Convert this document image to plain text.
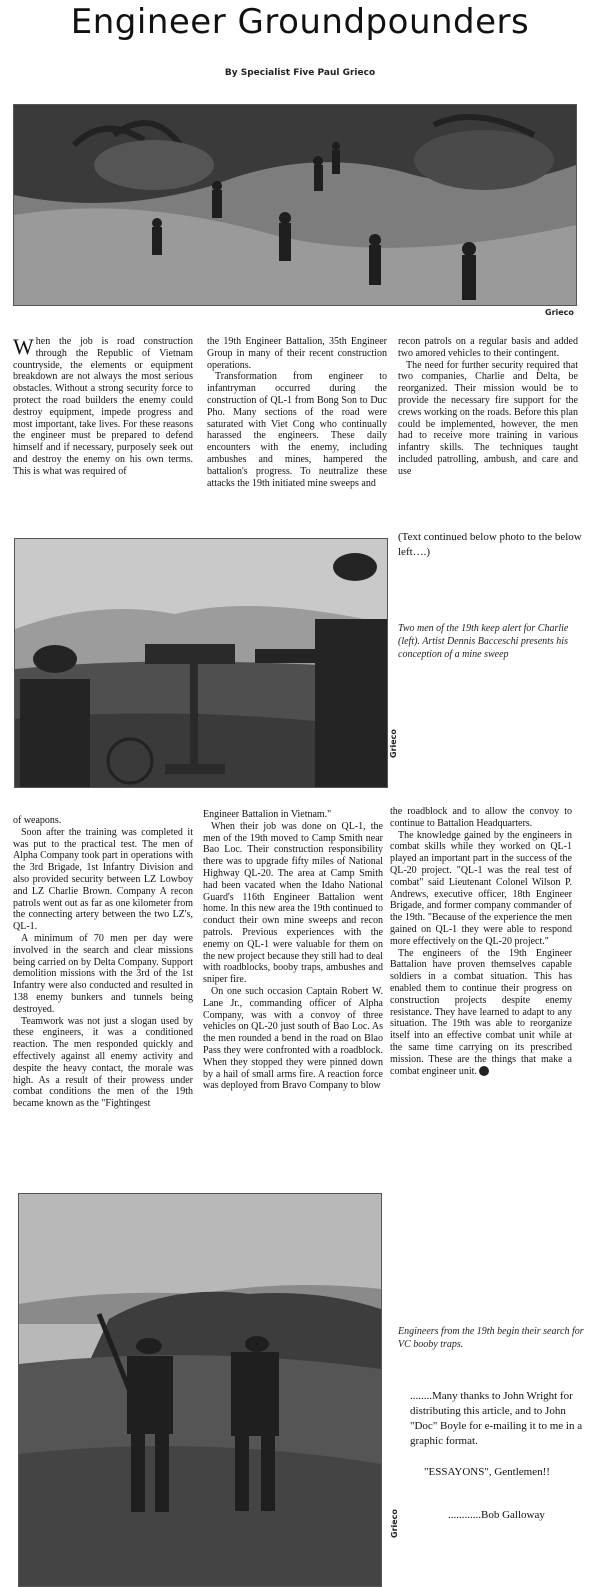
Engineer Groundpounders
By Specialist Five Paul Grieco
Grieco

When the job is road construction through the Republic of Vietnam countryside, the elements or equipment breakdown are not always the most serious obstacles. Without a strong security force to protect the road builders the enemy could destroy equipment, impede progress and most important, take lives. For these reasons the engineer must be prepared to defend himself and if necessary, purposely seek out and destroy the enemy on his own terms. This is what was required of

the 19th Engineer Battalion, 35th Engineer Group in many of their recent construction operations.

Transformation from engineer to infantryman occurred during the construction of QL-1 from Bong Son to Duc Pho. Many sections of the road were saturated with Viet Cong who continually harassed the engineers. These daily encounters with the enemy, including ambushes and mines, hampered the battalion's progress. To neutralize these attacks the 19th initiated mine sweeps and

recon patrols on a regular basis and added two amored vehicles to their contingent.

The need for further security required that two companies, Charlie and Delta, be reorganized. Their mission would be to provide the necessary fire support for the crews working on the roads. Before this plan could be implemented, however, the men had to receive more training in various infantry skills. The techniques taught included patrolling, ambush, and care and use

Grieco
(Text continued below photo to the below left….)
Two men of the 19th keep alert for Charlie (left). Artist Dennis Bacceschi presents his conception of a mine sweep

of weapons.

Soon after the training was completed it was put to the practical test. The men of Alpha Company took part in operations with the 3rd Brigade, 1st Infantry Division and also provided security between LZ Lowboy and LZ Charlie Brown. Company A recon patrols went out as far as one kilometer from the connecting artery between the two LZ's, QL-1.

A minimum of 70 men per day were involved in the search and clear missions being carried on by Delta Company. Support demolition missions with the 3rd of the 1st Infantry were also conducted and resulted in 138 enemy bunkers and tunnels being destroyed.

Teamwork was not just a slogan used by these engineers, it was a conditioned reaction. The men responded quickly and effectively against all enemy activity and despite the heavy contact, the morale was high. As a result of their prowess under combat conditions the men of the 19th became known as the "Fightingest

Engineer Battalion in Vietnam."

When their job was done on QL-1, the men of the 19th moved to Camp Smith near Bao Loc. Their construction responsibility there was to upgrade fifty miles of National Highway QL-20. The area at Camp Smith had been vacated when the Idaho National Guard's 116th Engineer Battalion went home. In this new area the 19th continued to conduct their own mine sweeps and recon patrols. Previous experiences with the enemy on QL-1 were valuable for them on the new project because they still had to deal with roadblocks, booby traps, ambushes and sniper fire.

On one such occasion Captain Robert W. Lane Jr., commanding officer of Alpha Company, was with a convoy of three vehicles on QL-20 just south of Bao Loc. As the men rounded a bend in the road on Blao Pass they were confronted with a roadblock. When they stopped they were pinned down by a hail of small arms fire. A reaction force was deployed from Bravo Company to blow

the roadblock and to allow the convoy to continue to Battalion Headquarters.

The knowledge gained by the engineers in combat skills while they worked on QL-1 played an important part in the success of the QL-20 project. "QL-1 was the real test of combat" said Lieutenant Colonel Wilson P. Andrews, executive officer, 18th Engineer Brigade, and former company commander of the 19th. "Because of the experience the men gained on QL-1 they were able to respond more effectively on the QL-20 project."

The engineers of the 19th Engineer Battalion have proven themselves capable soldiers in a combat situation. This has enabled them to continue their progress on construction projects despite enemy resistance. They have learned to adapt to any situation. The 19th was able to reorganize itself into an effective combat unit while at the same time carrying on its prescribed mission. These are the things that make a combat engineer unit.

Grieco
Engineers from the 19th begin their search for VC booby traps.
........Many thanks to John Wright for distributing this article, and to John "Doc" Boyle for e-mailing it to me in a graphic format.
"ESSAYONS", Gentlemen!!
............Bob Galloway
